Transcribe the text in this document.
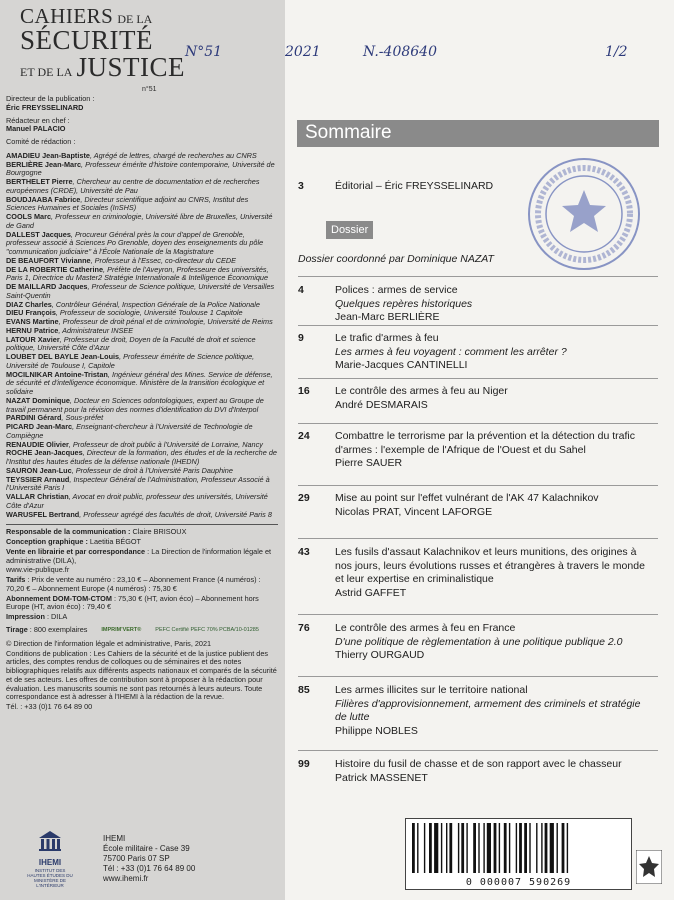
CAHIERS DE LA
SÉCURITÉ
ET DE LA JUSTICE
n°51
Directeur de la publication :
Éric FREYSSELINARD
Rédacteur en chef :
Manuel PALACIO
Comité de rédaction :
AMADIEU Jean-Baptiste, Agrégé de lettres, chargé de recherches au CNRS
BERLIÈRE Jean-Marc, Professeur émérite d'histoire contemporaine, Université de Bourgogne
BERTHELET Pierre, Chercheur au centre de documentation et de recherches européennes (CRDE), Université de Pau
BOUDJAABA Fabrice, Directeur scientifique adjoint au CNRS, Institut des Sciences Humaines et Sociales (InSHS)
COOLS Marc, Professeur en criminologie, Université libre de Bruxelles, Université de Gand
DALLEST Jacques, Procureur Général près la cour d'appel de Grenoble, professeur associé à Sciences Po Grenoble, doyen des enseignements du pôle "communication judiciaire" à l'École Nationale de la Magistrature
DE BEAUFORT Vivianne, Professeur à l'Essec, co-directeur du CEDE
DE LA ROBERTIE Catherine, Préfète de l'Aveyron, Professeure des universités, Paris 1, Directrice du Master2 Stratégie Internationale & Intelligence Économique
DE MAILLARD Jacques, Professeur de Science politique, Université de Versailles Saint-Quentin
DIAZ Charles, Contrôleur Général, Inspection Générale de la Police Nationale
DIEU François, Professeur de sociologie, Université Toulouse 1 Capitole
EVANS Martine, Professeur de droit pénal et de criminologie, Université de Reims
HERNU Patrice, Administrateur INSEE
LATOUR Xavier, Professeur de droit, Doyen de la Faculté de droit et science politique, Université Côte d'Azur
LOUBET DEL BAYLE Jean-Louis, Professeur émérite de Science politique, Université de Toulouse I, Capitole
MOCILNIKAR Antoine-Tristan, Ingénieur général des Mines. Service de défense, de sécurité et d'intelligence économique. Ministère de la transition écologique et solidaire
NAZAT Dominique, Docteur en Sciences odontologiques, expert au Groupe de travail permanent pour la révision des normes d'identification du DVI d'Interpol
PARDINI Gérard, Sous-préfet
PICARD Jean-Marc, Enseignant-chercheur à l'Université de Technologie de Compiègne
RENAUDIE Olivier, Professeur de droit public à l'Université de Lorraine, Nancy
ROCHE Jean-Jacques, Directeur de la formation, des études et de la recherche de l'Institut des hautes études de la défense nationale (IHEDN)
SAURON Jean-Luc, Professeur de droit à l'Université Paris Dauphine
TEYSSIER Arnaud, Inspecteur Général de l'Administration, Professeur Associé à l'Université Paris I
VALLAR Christian, Avocat en droit public, professeur des universités, Université Côte d'Azur
WARUSFEL Bertrand, Professeur agrégé des facultés de droit, Université Paris 8

Responsable de la communication : Claire BRISOUX

Conception graphique : Laetitia BÉGOT

Vente en librairie et par correspondance : La Direction de l'information légale et administrative (DILA),

www.vie-publique.fr

Tarifs : Prix de vente au numéro : 23,10 € – Abonnement France (4 numéros) : 70,20 € – Abonnement Europe (4 numéros) : 75,30 €

Abonnement DOM-TOM-CTOM : 75,30 € (HT, avion éco) – Abonnement hors Europe (HT, avion éco) : 79,40 €

Impression : DILA

Tirage : 800 exemplaires	IMPRIM'VERT®	PEFC Certifié PEFC 70% PCBA/10-01285

© Direction de l'information légale et administrative, Paris, 2021

Conditions de publication : Les Cahiers de la sécurité et de la justice publient des articles, des comptes rendus de colloques ou de séminaires et des notes bibliographiques relatifs aux différents aspects nationaux et comparés de la sécurité et de ses acteurs. Les offres de contribution sont à proposer à la rédaction pour évaluation. Les manuscrits soumis ne sont pas retournés à leurs auteurs. Toute correspondance est à adresser à l'IHEMI à la rédaction de la revue.

Tél. : +33 (0)1 76 64 89 00

IHEMI
INSTITUT DES HAUTES ÉTUDES DU MINISTÈRE DE L'INTÉRIEUR
IHEMI
École militaire - Case 39
75700 Paris 07 SP
Tél : +33 (0)1 76 64 89 00
www.ihemi.fr
N°51	2021	N.-408640	1/2
Sommaire
3	Éditorial – Éric FREYSSELINARD
Dossier
Dossier coordonné par Dominique NAZAT
4	Polices : armes de service
Quelques repères historiques
Jean-Marc BERLIÈRE
9	Le trafic d'armes à feu
Les armes à feu voyagent : comment les arrêter ?
Marie-Jacques CANTINELLI
16	Le contrôle des armes à feu au Niger
André DESMARAIS
24	Combattre le terrorisme par la prévention et la détection du trafic d'armes : l'exemple de l'Afrique de l'Ouest et du Sahel
Pierre SAUER
29	Mise au point sur l'effet vulnérant de l'AK 47 Kalachnikov
Nicolas PRAT, Vincent LAFORGE
43	Les fusils d'assaut Kalachnikov et leurs munitions, des origines à nos jours, leurs évolutions russes et étrangères à travers le monde et leur expertise en criminalistique
Astrid GAFFET
76	Le contrôle des armes à feu en France
D'une politique de règlementation à une politique publique 2.0
Thierry OURGAUD
85	Les armes illicites sur le territoire national
Filières d'approvisionnement, armement des criminels et stratégie de lutte
Philippe NOBLES
99	Histoire du fusil de chasse et de son rapport avec le chasseur
Patrick MASSENET
0 000007 590269
